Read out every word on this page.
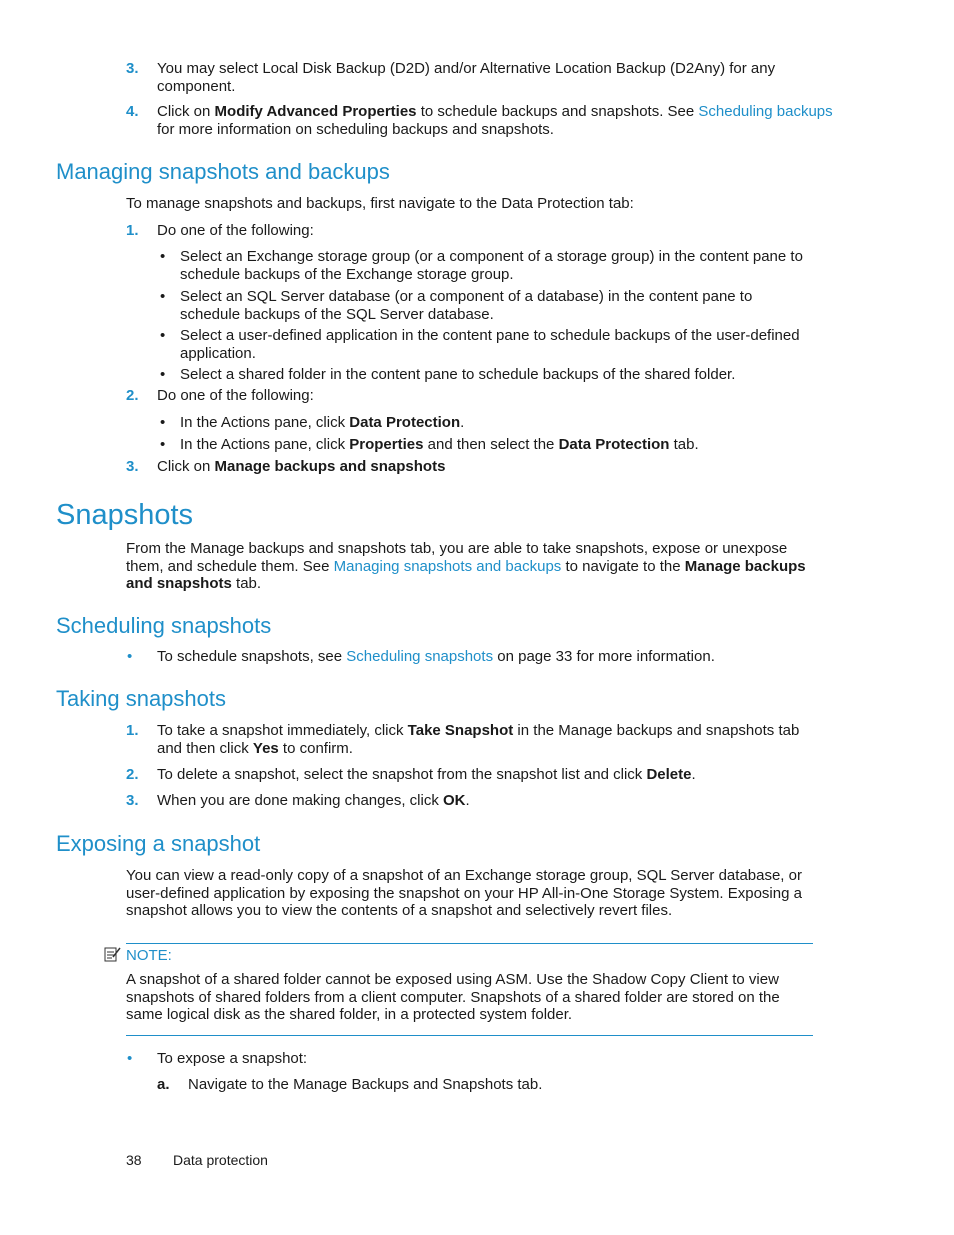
3. You may select Local Disk Backup (D2D) and/or Alternative Location Backup (D2Any) for any component.
4. Click on Modify Advanced Properties to schedule backups and snapshots. See Scheduling backups for more information on scheduling backups and snapshots.
Managing snapshots and backups
To manage snapshots and backups, first navigate to the Data Protection tab:
1. Do one of the following:
• Select an Exchange storage group (or a component of a storage group) in the content pane to schedule backups of the Exchange storage group.
• Select an SQL Server database (or a component of a database) in the content pane to schedule backups of the SQL Server database.
• Select a user-defined application in the content pane to schedule backups of the user-defined application.
• Select a shared folder in the content pane to schedule backups of the shared folder.
2. Do one of the following:
• In the Actions pane, click Data Protection.
• In the Actions pane, click Properties and then select the Data Protection tab.
3. Click on Manage backups and snapshots
Snapshots
From the Manage backups and snapshots tab, you are able to take snapshots, expose or unexpose them, and schedule them. See Managing snapshots and backups to navigate to the Manage backups and snapshots tab.
Scheduling snapshots
• To schedule snapshots, see Scheduling snapshots on page 33 for more information.
Taking snapshots
1. To take a snapshot immediately, click Take Snapshot in the Manage backups and snapshots tab and then click Yes to confirm.
2. To delete a snapshot, select the snapshot from the snapshot list and click Delete.
3. When you are done making changes, click OK.
Exposing a snapshot
You can view a read-only copy of a snapshot of an Exchange storage group, SQL Server database, or user-defined application by exposing the snapshot on your HP All-in-One Storage System. Exposing a snapshot allows you to view the contents of a snapshot and selectively revert files.
NOTE:
A snapshot of a shared folder cannot be exposed using ASM. Use the Shadow Copy Client to view snapshots of shared folders from a client computer. Snapshots of a shared folder are stored on the same logical disk as the shared folder, in a protected system folder.
• To expose a snapshot:
a. Navigate to the Manage Backups and Snapshots tab.
38 Data protection
